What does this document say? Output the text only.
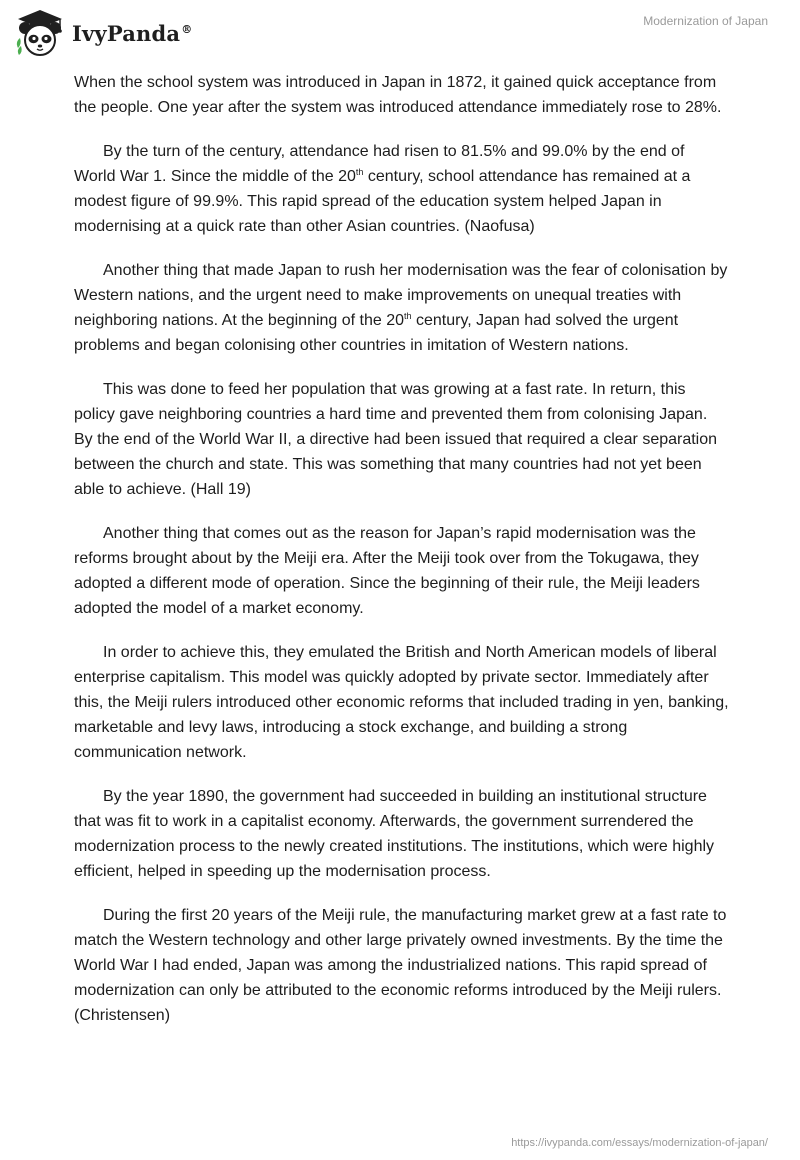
IvyPanda®
Modernization of Japan

When the school system was introduced in Japan in 1872, it gained quick acceptance from the people. One year after the system was introduced attendance immediately rose to 28%.

By the turn of the century, attendance had risen to 81.5% and 99.0% by the end of World War 1. Since the middle of the 20th century, school attendance has remained at a modest figure of 99.9%. This rapid spread of the education system helped Japan in modernising at a quick rate than other Asian countries. (Naofusa)

Another thing that made Japan to rush her modernisation was the fear of colonisation by Western nations, and the urgent need to make improvements on unequal treaties with neighboring nations. At the beginning of the 20th century, Japan had solved the urgent problems and began colonising other countries in imitation of Western nations.

This was done to feed her population that was growing at a fast rate. In return, this policy gave neighboring countries a hard time and prevented them from colonising Japan. By the end of the World War II, a directive had been issued that required a clear separation between the church and state. This was something that many countries had not yet been able to achieve. (Hall 19)

Another thing that comes out as the reason for Japan’s rapid modernisation was the reforms brought about by the Meiji era. After the Meiji took over from the Tokugawa, they adopted a different mode of operation. Since the beginning of their rule, the Meiji leaders adopted the model of a market economy.

In order to achieve this, they emulated the British and North American models of liberal enterprise capitalism. This model was quickly adopted by private sector. Immediately after this, the Meiji rulers introduced other economic reforms that included trading in yen, banking, marketable and levy laws, introducing a stock exchange, and building a strong communication network.

By the year 1890, the government had succeeded in building an institutional structure that was fit to work in a capitalist economy. Afterwards, the government surrendered the modernization process to the newly created institutions. The institutions, which were highly efficient, helped in speeding up the modernisation process.

During the first 20 years of the Meiji rule, the manufacturing market grew at a fast rate to match the Western technology and other large privately owned investments. By the time the World War I had ended, Japan was among the industrialized nations. This rapid spread of modernization can only be attributed to the economic reforms introduced by the Meiji rulers. (Christensen)

https://ivypanda.com/essays/modernization-of-japan/
